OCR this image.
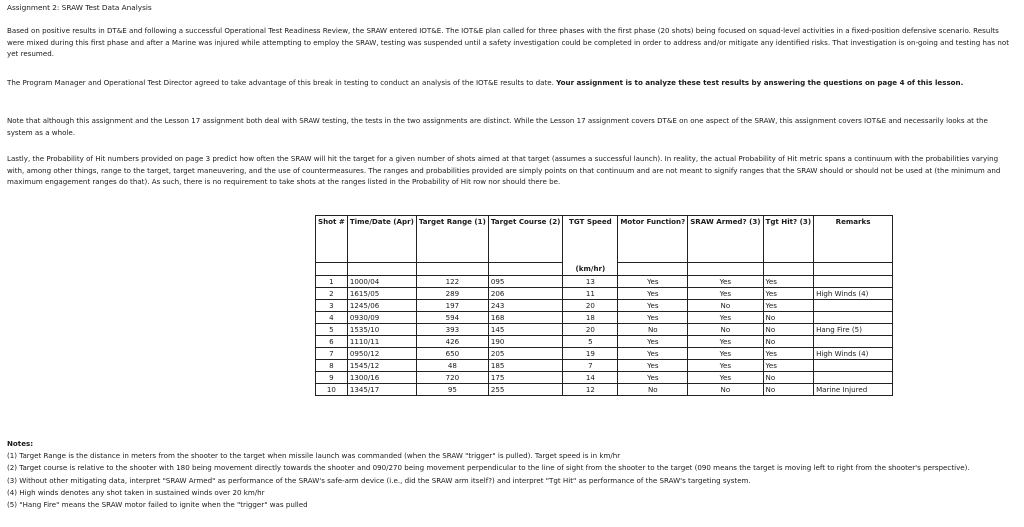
Assignment 2: SRAW Test Data Analysis

Based on positive results in DT&E and following a successful Operational Test Readiness Review, the SRAW entered IOT&E. The IOT&E plan called for three phases with the first phase (20 shots) being focused on squad-level activities in a fixed-position defensive scenario. Results were mixed during this first phase and after a Marine was injured while attempting to employ the SRAW, testing was suspended until a safety investigation could be completed in order to address and/or mitigate any identified risks. That investigation is on-going and testing has not yet resumed.

The Program Manager and Operational Test Director agreed to take advantage of this break in testing to conduct an analysis of the IOT&E results to date. Your assignment is to analyze these test results by answering the questions on page 4 of this lesson.

Note that although this assignment and the Lesson 17 assignment both deal with SRAW testing, the tests in the two assignments are distinct. While the Lesson 17 assignment covers DT&E on one aspect of the SRAW, this assignment covers IOT&E and necessarily looks at the system as a whole.

Lastly, the Probability of Hit numbers provided on page 3 predict how often the SRAW will hit the target for a given number of shots aimed at that target (assumes a successful launch). In reality, the actual Probability of Hit metric spans a continuum with the probabilities varying with, among other things, range to the target, target maneuvering, and the use of countermeasures. The ranges and probabilities provided are simply points on that continuum and are not meant to signify ranges that the SRAW should or should not be used at (the minimum and maximum engagement ranges do that). As such, there is no requirement to take shots at the ranges listed in the Probability of Hit row nor should there be.

Shot #	Time/Date (Apr)	Target Range (1)	Target Course (2)	TGT Speed	Motor Function?	SRAW Armed? (3)	Tgt Hit? (3)	Remarks
				(km/hr)				
1	1000/04	122	095	13	Yes	Yes	Yes	
2	1615/05	289	206	11	Yes	Yes	Yes	High Winds (4)
3	1245/06	197	243	20	Yes	No	Yes	
4	0930/09	594	168	18	Yes	Yes	No	
5	1535/10	393	145	20	No	No	No	Hang Fire (5)
6	1110/11	426	190	5	Yes	Yes	No	
7	0950/12	650	205	19	Yes	Yes	Yes	High Winds (4)
8	1545/12	48	185	7	Yes	Yes	Yes	
9	1300/16	720	175	14	Yes	Yes	No	
10	1345/17	95	255	12	No	No	No	Marine Injured
Notes:
(1) Target Range is the distance in meters from the shooter to the target when missile launch was commanded (when the SRAW "trigger" is pulled). Target speed is in km/hr
(2) Target course is relative to the shooter with 180 being movement directly towards the shooter and 090/270 being movement perpendicular to the line of sight from the shooter to the target (090 means the target is moving left to right from the shooter's perspective).
(3) Without other mitigating data, interpret "SRAW Armed" as performance of the SRAW's safe-arm device (i.e., did the SRAW arm itself?) and interpret "Tgt Hit" as performance of the SRAW's targeting system.
(4) High winds denotes any shot taken in sustained winds over 20 km/hr
(5) "Hang Fire" means the SRAW motor failed to ignite when the "trigger" was pulled
